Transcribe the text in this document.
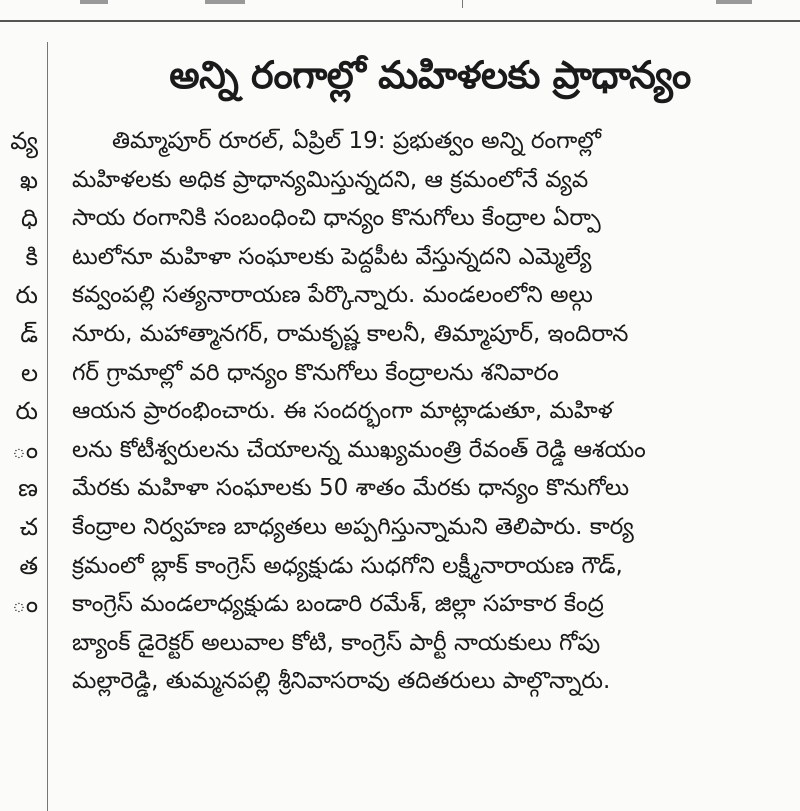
వ్య
ఖ
ధి
కి
రు
డ్
ల
రు
ం
ణ
చ
త
ం
అన్ని రంగాల్లో మహిళలకు ప్రాధాన్యం
తిమ్మాపూర్ రూరల్, ఏప్రిల్ 19: ప్రభుత్వం అన్ని రంగాల్లో
మహిళలకు అధిక ప్రాధాన్యమిస్తున్నదని, ఆ క్రమంలోనే వ్యవ
సాయ రంగానికి సంబంధించి ధాన్యం కొనుగోలు కేంద్రాల ఏర్పా
టులోనూ మహిళా సంఘాలకు పెద్దపీట వేస్తున్నదని ఎమ్మెల్యే
కవ్వంపల్లి సత్యనారాయణ పేర్కొన్నారు. మండలంలోని అల్గు
నూరు, మహాత్మానగర్, రామకృష్ణ కాలనీ, తిమ్మాపూర్, ఇందిరాన
గర్ గ్రామాల్లో వరి ధాన్యం కొనుగోలు కేంద్రాలను శనివారం
ఆయన ప్రారంభించారు. ఈ సందర్భంగా మాట్లాడుతూ, మహిళ
లను కోటీశ్వరులను చేయాలన్న ముఖ్యమంత్రి రేవంత్ రెడ్డి ఆశయం
మేరకు మహిళా సంఘాలకు 50 శాతం మేరకు ధాన్యం కొనుగోలు
కేంద్రాల నిర్వహణ బాధ్యతలు అప్పగిస్తున్నామని తెలిపారు. కార్య
క్రమంలో బ్లాక్ కాంగ్రెస్ అధ్యక్షుడు సుధగోని లక్ష్మీనారాయణ గౌడ్,
కాంగ్రెస్ మండలాధ్యక్షుడు బండారి రమేశ్, జిల్లా సహకార కేంద్ర
బ్యాంక్ డైరెక్టర్ అలువాల కోటి, కాంగ్రెస్ పార్టీ నాయకులు గోపు
మల్లారెడ్డి, తుమ్మనపల్లి శ్రీనివాసరావు తదితరులు పాల్గొన్నారు.
